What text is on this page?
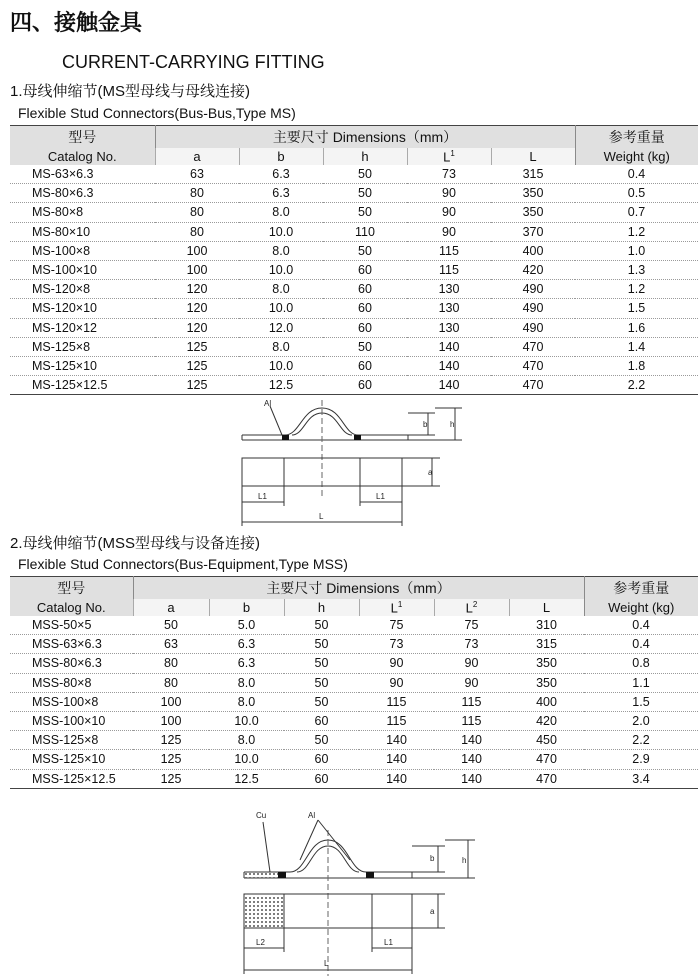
四、接触金具
CURRENT-CARRYING FITTING
1.母线伸缩节(MS型母线与母线连接)
Flexible Stud Connectors(Bus-Bus,Type MS)
型号	主要尺寸 Dimensions（mm）					参考重量
Catalog No.	a	b	h	$L^1$	L	Weight (kg)
MS-63×6.3	63	6.3	50	73	315	0.4
MS-80×6.3	80	6.3	50	90	350	0.5
MS-80×8	80	8.0	50	90	350	0.7
MS-80×10	80	10.0	110	90	370	1.2
MS-100×8	100	8.0	50	115	400	1.0
MS-100×10	100	10.0	60	115	420	1.3
MS-120×8	120	8.0	60	130	490	1.2
MS-120×10	120	10.0	60	130	490	1.5
MS-120×12	120	12.0	60	130	490	1.6
MS-125×8	125	8.0	50	140	470	1.4
MS-125×10	125	10.0	60	140	470	1.8
MS-125×12.5	125	12.5	60	140	470	2.2
Al
b	h
a
L1	L1
L
2.母线伸缩节(MSS型母线与设备连接)
Flexible Stud Connectors(Bus-Equipment,Type MSS)
型号	主要尺寸 Dimensions（mm）						参考重量
Catalog No.	a	b	h	$L^1$	$L^2$	L	Weight (kg)
MSS-50×5	50	5.0	50	75	75	310	0.4
MSS-63×6.3	63	6.3	50	73	73	315	0.4
MSS-80×6.3	80	6.3	50	90	90	350	0.8
MSS-80×8	80	8.0	50	90	90	350	1.1
MSS-100×8	100	8.0	50	115	115	400	1.5
MSS-100×10	100	10.0	60	115	115	420	2.0
MSS-125×8	125	8.0	50	140	140	450	2.2
MSS-125×10	125	10.0	60	140	140	470	2.9
MSS-125×12.5	125	12.5	60	140	140	470	3.4
Cu	Al
b	h
a
L2	L1
L
